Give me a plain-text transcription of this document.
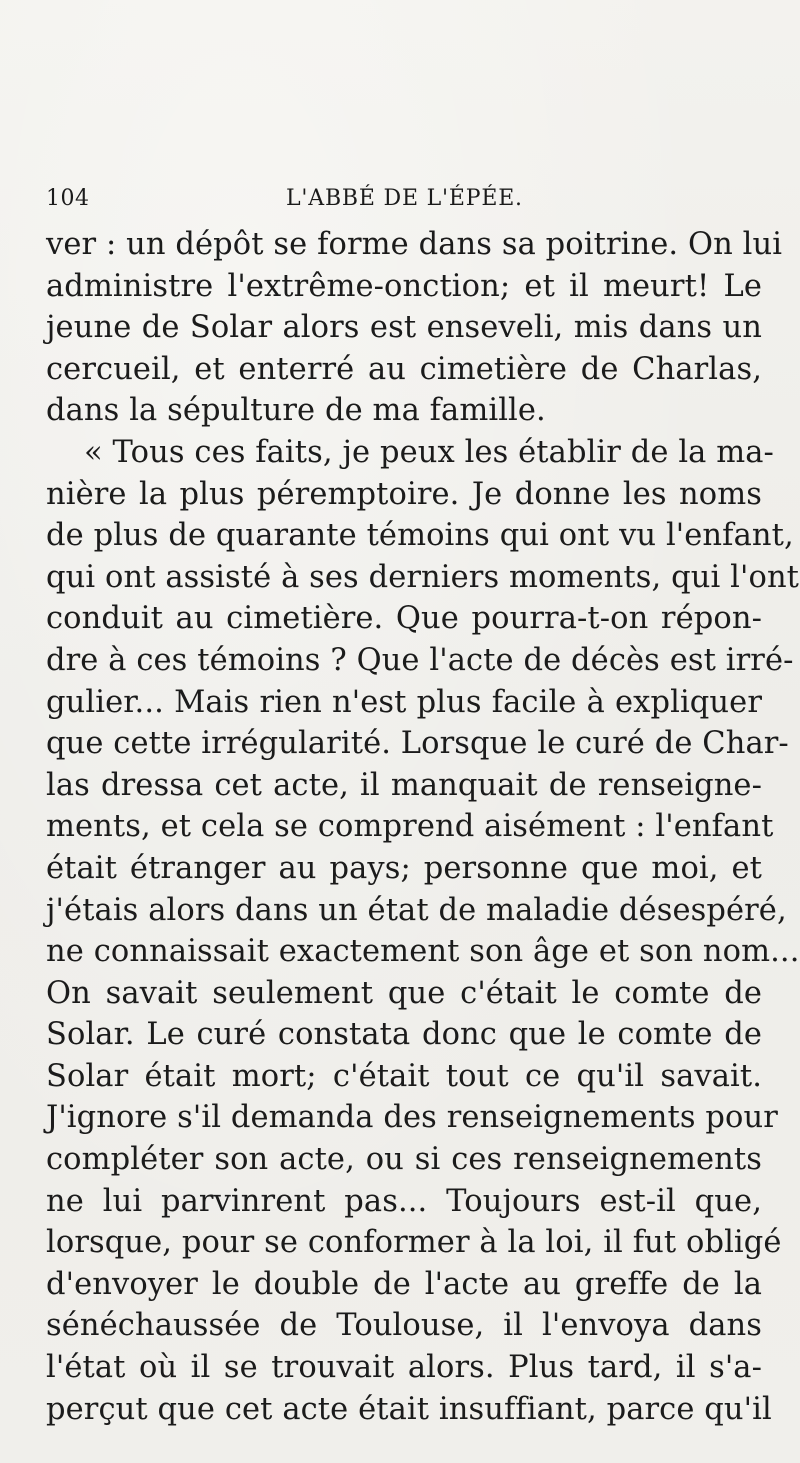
104	L'ABBÉ DE L'ÉPÉE.
ver : un dépôt se forme dans sa poitrine. On lui
administre l'extrême-onction; et il meurt! Le
jeune de Solar alors est enseveli, mis dans un
cercueil, et enterré au cimetière de Charlas,
dans la sépulture de ma famille.
« Tous ces faits, je peux les établir de la ma-
nière la plus péremptoire. Je donne les noms
de plus de quarante témoins qui ont vu l'enfant,
qui ont assisté à ses derniers moments, qui l'ont
conduit au cimetière. Que pourra-t-on répon-
dre à ces témoins ? Que l'acte de décès est irré-
gulier... Mais rien n'est plus facile à expliquer
que cette irrégularité. Lorsque le curé de Char-
las dressa cet acte, il manquait de renseigne-
ments, et cela se comprend aisément : l'enfant
était étranger au pays; personne que moi, et
j'étais alors dans un état de maladie désespéré,
ne connaissait exactement son âge et son nom...
On savait seulement que c'était le comte de
Solar. Le curé constata donc que le comte de
Solar était mort; c'était tout ce qu'il savait.
J'ignore s'il demanda des renseignements pour
compléter son acte, ou si ces renseignements
ne lui parvinrent pas... Toujours est-il que,
lorsque, pour se conformer à la loi, il fut obligé
d'envoyer le double de l'acte au greffe de la
sénéchaussée de Toulouse, il l'envoya dans
l'état où il se trouvait alors. Plus tard, il s'a-
perçut que cet acte était insuffiant, parce qu'il
